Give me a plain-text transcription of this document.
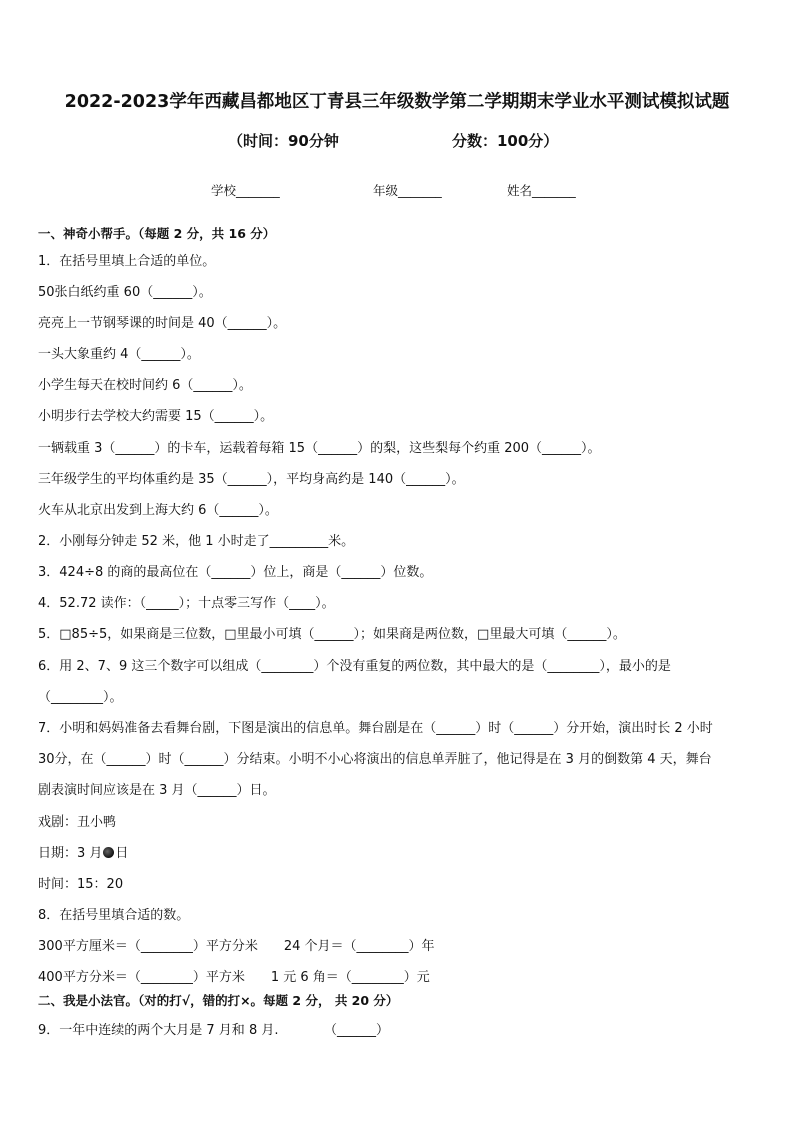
2022-2023学年西藏昌都地区丁青县三年级数学第二学期期末学业水平测试模拟试题
（时间：90分钟	分数：100分）
学校_______	年级_______	姓名_______
一、神奇小帮手。（每题 2 分，共 16 分）
1．在括号里填上合适的单位。
50张白纸约重 60（______）。
亮亮上一节钢琴课的时间是 40（______）。
一头大象重约 4（______）。
小学生每天在校时间约 6（______）。
小明步行去学校大约需要 15（______）。
一辆载重 3（______）的卡车，运载着每箱 15（______）的梨，这些梨每个约重 200（______）。
三年级学生的平均体重约是 35（______），平均身高约是 140（______）。
火车从北京出发到上海大约 6（______）。
2．小刚每分钟走 52 米，他 1 小时走了_________米。
3．424÷8 的商的最高位在（______）位上，商是（______）位数。
4．52.72 读作：（_____）；十点零三写作（____）。
5．□85÷5，如果商是三位数，□里最小可填（______）；如果商是两位数，□里最大可填（______）。
6．用 2、7、9 这三个数字可以组成（________）个没有重复的两位数，其中最大的是（________），最小的是
（________）。
7．小明和妈妈准备去看舞台剧，下图是演出的信息单。舞台剧是在（______）时（______）分开始，演出时长 2 小时
30分，在（______）时（______）分结束。小明不小心将演出的信息单弄脏了，他记得是在 3 月的倒数第 4 天，舞台
剧表演时间应该是在 3 月（______）日。
戏剧：丑小鸭
日期：3 月 日
时间：15：20
8．在括号里填合适的数。
300平方厘米＝（________）平方分米　　24 个月＝（________）年
400平方分米＝（________）平方米　　1 元 6 角＝（________）元
二、我是小法官。（对的打√，错的打×。每题 2 分， 共 20 分）
9．一年中连续的两个大月是 7 月和 8 月.　　　　（______）
